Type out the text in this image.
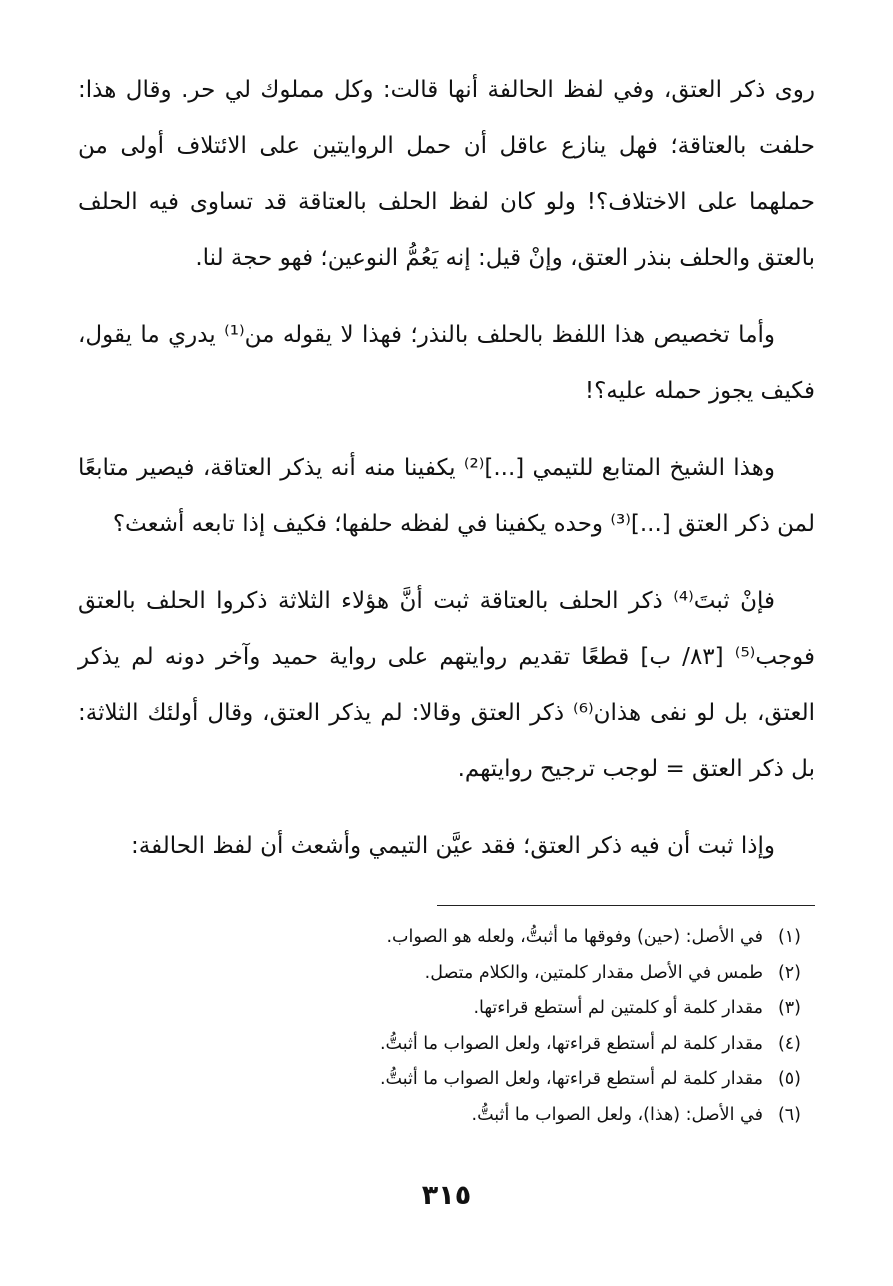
روى ذكر العتق، وفي لفظ الحالفة أنها قالت: وكل مملوك لي حر. وقال هذا: حلفت بالعتاقة؛ فهل ينازع عاقل أن حمل الروايتين على الائتلاف أولى من حملهما على الاختلاف؟! ولو كان لفظ الحلف بالعتاقة قد تساوى فيه الحلف بالعتق والحلف بنذر العتق، وإنْ قيل: إنه يَعُمُّ النوعين؛ فهو حجة لنا.

وأما تخصيص هذا اللفظ بالحلف بالنذر؛ فهذا لا يقوله من⁽¹⁾ يدري ما يقول، فكيف يجوز حمله عليه؟!

وهذا الشيخ المتابع للتيمي [...]⁽²⁾ يكفينا منه أنه يذكر العتاقة، فيصير متابعًا لمن ذكر العتق [...]⁽³⁾ وحده يكفينا في لفظه حلفها؛ فكيف إذا تابعه أشعث؟

فإنْ ثبتَ⁽⁴⁾ ذكر الحلف بالعتاقة ثبت أنَّ هؤلاء الثلاثة ذكروا الحلف بالعتق فوجب⁽⁵⁾ [٨٣/ ب] قطعًا تقديم روايتهم على رواية حميد وآخر دونه لم يذكر العتق، بل لو نفى هذان⁽⁶⁾ ذكر العتق وقالا: لم يذكر العتق، وقال أولئك الثلاثة: بل ذكر العتق = لوجب ترجيح روايتهم.

وإذا ثبت أن فيه ذكر العتق؛ فقد عيَّن التيمي وأشعث أن لفظ الحالفة:

(١)في الأصل: (حين) وفوقها ما أثبتُّ، ولعله هو الصواب.

(٢)طمس في الأصل مقدار كلمتين، والكلام متصل.

(٣)مقدار كلمة أو كلمتين لم أستطع قراءتها.

(٤)مقدار كلمة لم أستطع قراءتها، ولعل الصواب ما أثبتُّ.

(٥)مقدار كلمة لم أستطع قراءتها، ولعل الصواب ما أثبتُّ.

(٦)في الأصل: (هذا)، ولعل الصواب ما أثبتُّ.

٣١٥
